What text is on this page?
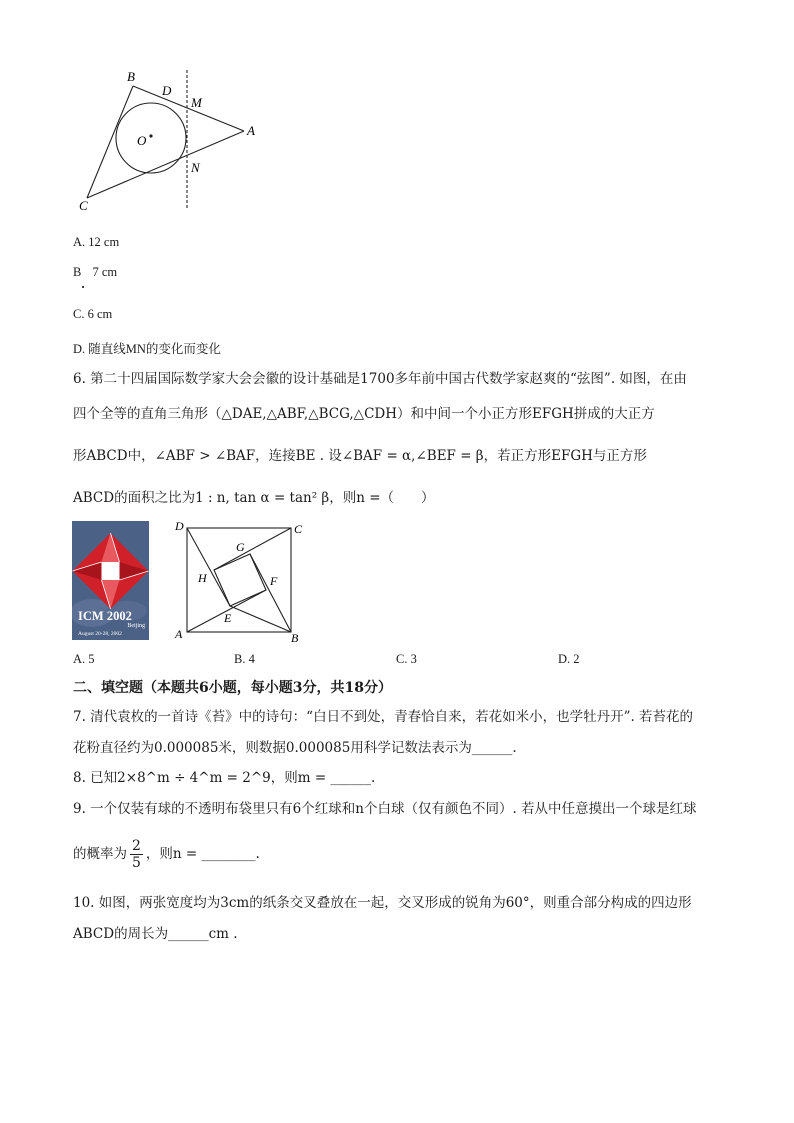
B
D
M
O
A
N
C
A. 12 cm
B 7 cm
C. 6 cm
D. 随直线MN的变化而变化
6. 第二十四届国际数学家大会会徽的设计基础是1700多年前中国古代数学家赵爽的“弦图”. 如图，在由
四个全等的直角三角形（△DAE,△ABF,△BCG,△CDH）和中间一个小正方形EFGH拼成的大正方
形ABCD中，∠ABF > ∠BAF，连接BE . 设∠BAF = α,∠BEF = β，若正方形EFGH与正方形
ABCD的面积之比为1 : n, tan α = tan² β，则n =（　　）
ICM 2002
Beijing
August 20-28, 2002
D	C
G
H	F
E
A	B
A. 5	B. 4	C. 3	D. 2
二、填空题（本题共6小题，每小题3分，共18分）
7. 清代袁枚的一首诗《苔》中的诗句：“白日不到处，青春恰自来，若花如米小，也学牡丹开”. 若苔花的
花粉直径约为0.000085米，则数据0.000085用科学记数法表示为______.
8. 已知2×8^m ÷ 4^m = 2^9，则m = ______.
9. 一个仅装有球的不透明布袋里只有6个红球和n个白球（仅有颜色不同）. 若从中任意摸出一个球是红球
的概率为 $\frac{2}{5}$ ，则n = ________.
10. 如图，两张宽度均为3cm的纸条交叉叠放在一起，交叉形成的锐角为60°，则重合部分构成的四边形
ABCD的周长为______cm .
